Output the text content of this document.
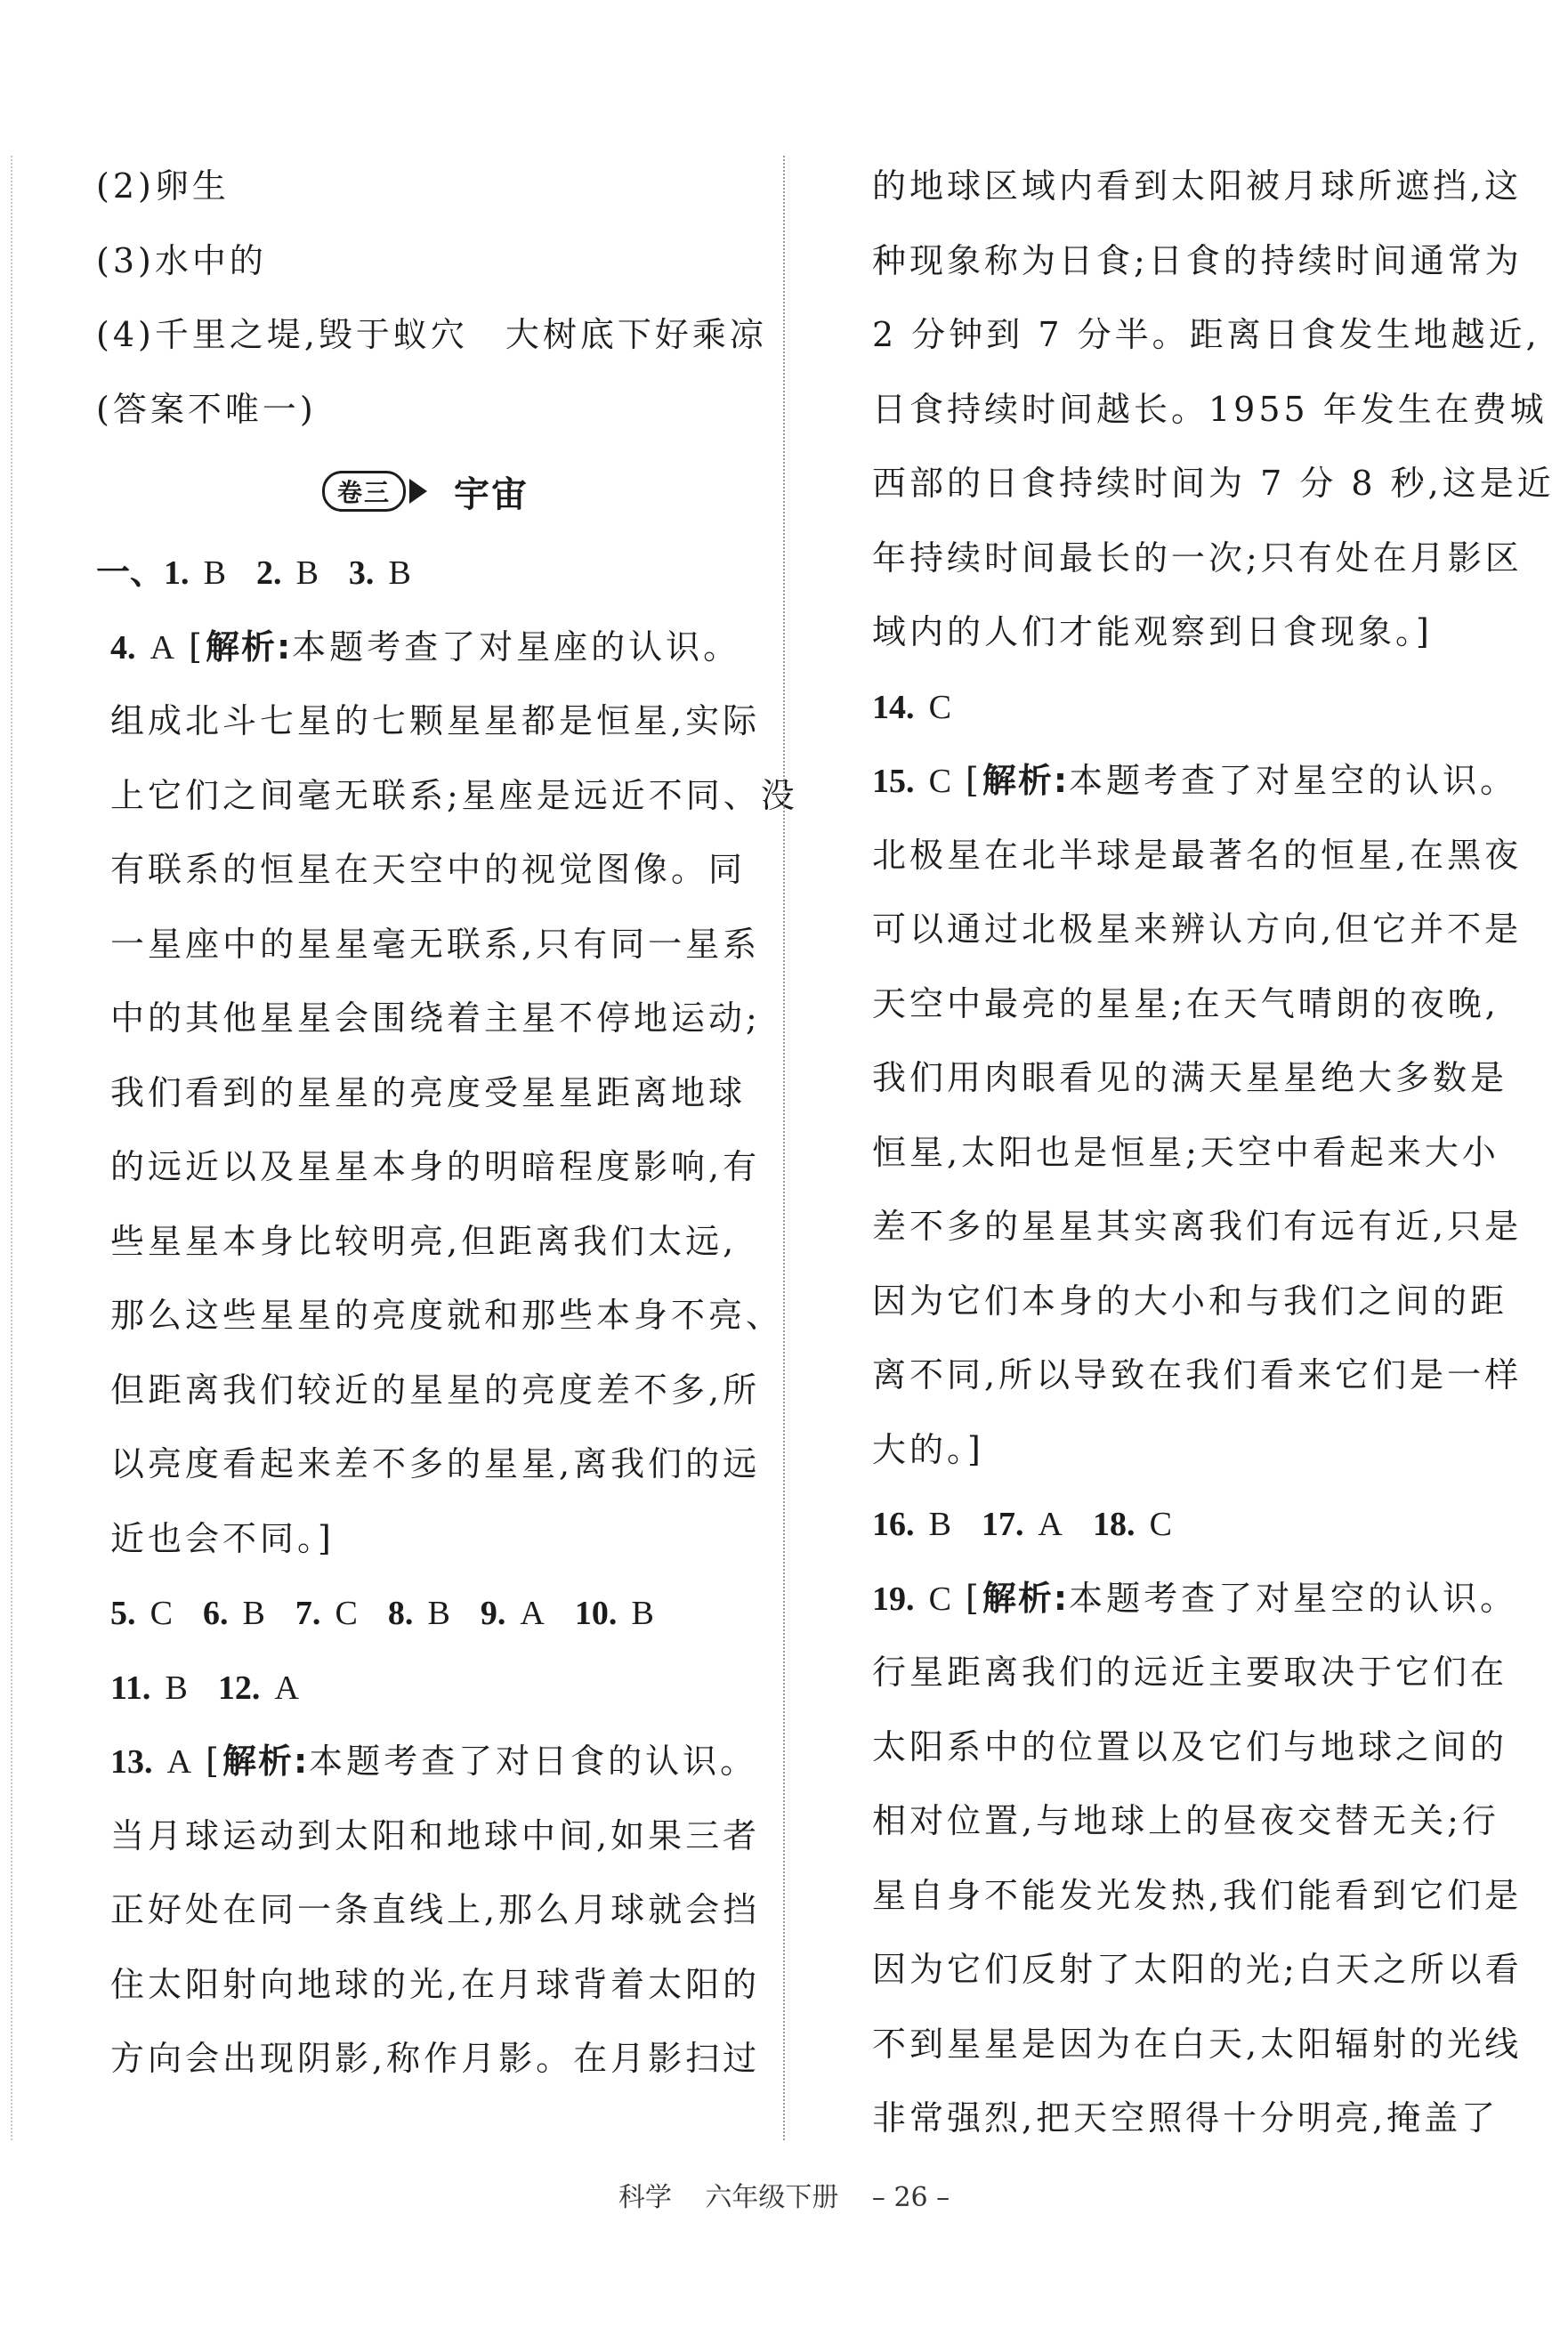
(2)卵生
(3)水中的
(4)千里之堤,毁于蚁穴　大树底下好乘凉
(答案不唯一)
卷三	宇宙
一、1. B 2. B 3. B
4. A [解析:本题考查了对星座的认识。
组成北斗七星的七颗星星都是恒星,实际
上它们之间毫无联系;星座是远近不同、没
有联系的恒星在天空中的视觉图像。同
一星座中的星星毫无联系,只有同一星系
中的其他星星会围绕着主星不停地运动;
我们看到的星星的亮度受星星距离地球
的远近以及星星本身的明暗程度影响,有
些星星本身比较明亮,但距离我们太远,
那么这些星星的亮度就和那些本身不亮、
但距离我们较近的星星的亮度差不多,所
以亮度看起来差不多的星星,离我们的远
近也会不同。]
5. C 6. B 7. C 8. B 9. A 10. B
11. B 12. A
13. A [解析:本题考查了对日食的认识。
当月球运动到太阳和地球中间,如果三者
正好处在同一条直线上,那么月球就会挡
住太阳射向地球的光,在月球背着太阳的
方向会出现阴影,称作月影。在月影扫过
的地球区域内看到太阳被月球所遮挡,这
种现象称为日食;日食的持续时间通常为
2 分钟到 7 分半。距离日食发生地越近,
日食持续时间越长。1955 年发生在费城
西部的日食持续时间为 7 分 8 秒,这是近
年持续时间最长的一次;只有处在月影区
域内的人们才能观察到日食现象。]
14. C
15. C [解析:本题考查了对星空的认识。
北极星在北半球是最著名的恒星,在黑夜
可以通过北极星来辨认方向,但它并不是
天空中最亮的星星;在天气晴朗的夜晚,
我们用肉眼看见的满天星星绝大多数是
恒星,太阳也是恒星;天空中看起来大小
差不多的星星其实离我们有远有近,只是
因为它们本身的大小和与我们之间的距
离不同,所以导致在我们看来它们是一样
大的。]
16. B 17. A 18. C
19. C [解析:本题考查了对星空的认识。
行星距离我们的远近主要取决于它们在
太阳系中的位置以及它们与地球之间的
相对位置,与地球上的昼夜交替无关;行
星自身不能发光发热,我们能看到它们是
因为它们反射了太阳的光;白天之所以看
不到星星是因为在白天,太阳辐射的光线
非常强烈,把天空照得十分明亮,掩盖了
科学 六年级下册 – 26 –
